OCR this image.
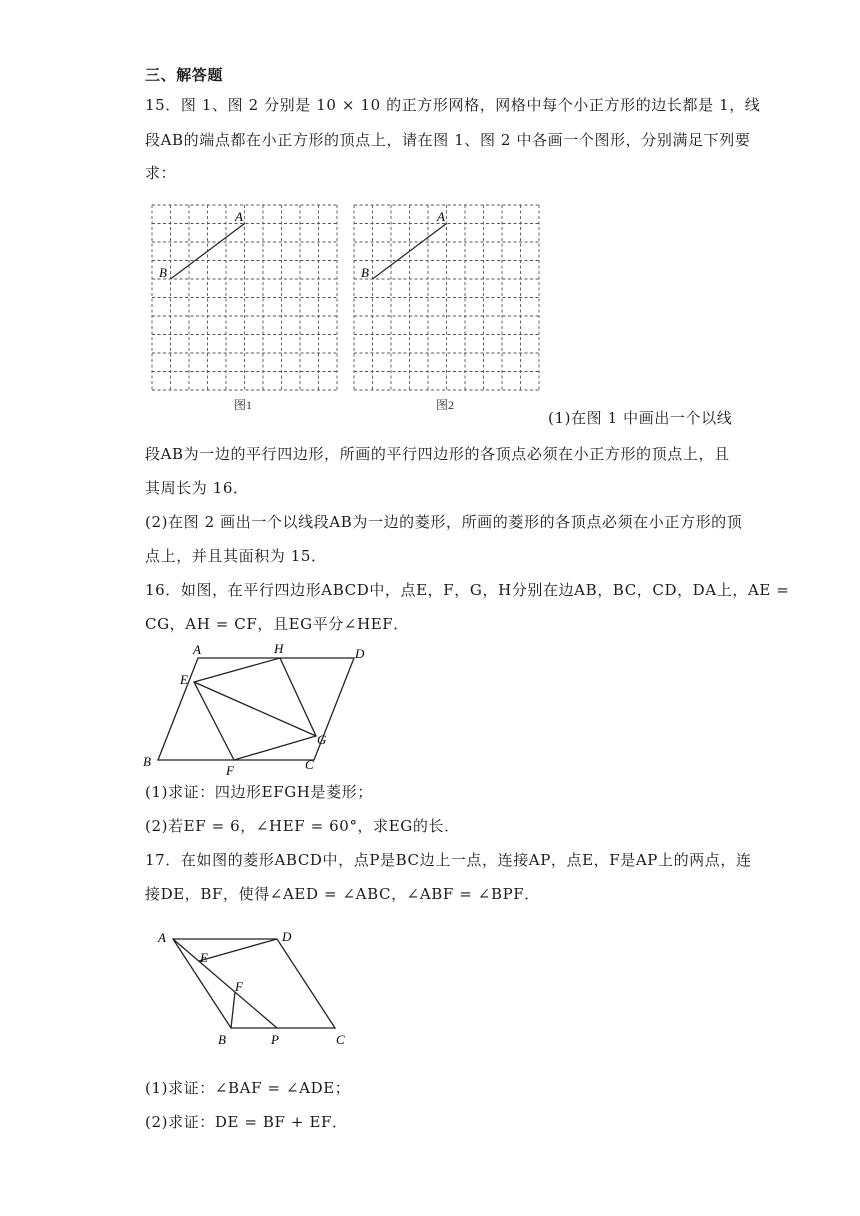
三、解答题
15．图 1、图 2 分别是 10 × 10 的正方形网格，网格中每个小正方形的边长都是 1，线
段AB的端点都在小正方形的顶点上，请在图 1、图 2 中各画一个图形，分别满足下列要
求：
A
B
图1
A
B
图2
(1)在图 1 中画出一个以线
段AB为一边的平行四边形，所画的平行四边形的各顶点必须在小正方形的顶点上，且
其周长为 16．
(2)在图 2 画出一个以线段AB为一边的菱形，所画的菱形的各顶点必须在小正方形的顶
点上，并且其面积为 15．
16．如图，在平行四边形ABCD中，点E，F，G，H分别在边AB，BC，CD，DA上，AE =
CG，AH = CF，且EG平分∠HEF．
A	H	D
E
G
B
F	C
(1)求证：四边形EFGH是菱形；
(2)若EF = 6，∠HEF = 60°，求EG的长．
17．在如图的菱形ABCD中，点P是BC边上一点，连接AP，点E，F是AP上的两点，连
接DE，BF，使得∠AED = ∠ABC，∠ABF = ∠BPF．
A	D
E
F
B	P	C
(1)求证：∠BAF = ∠ADE；
(2)求证：DE = BF + EF．
